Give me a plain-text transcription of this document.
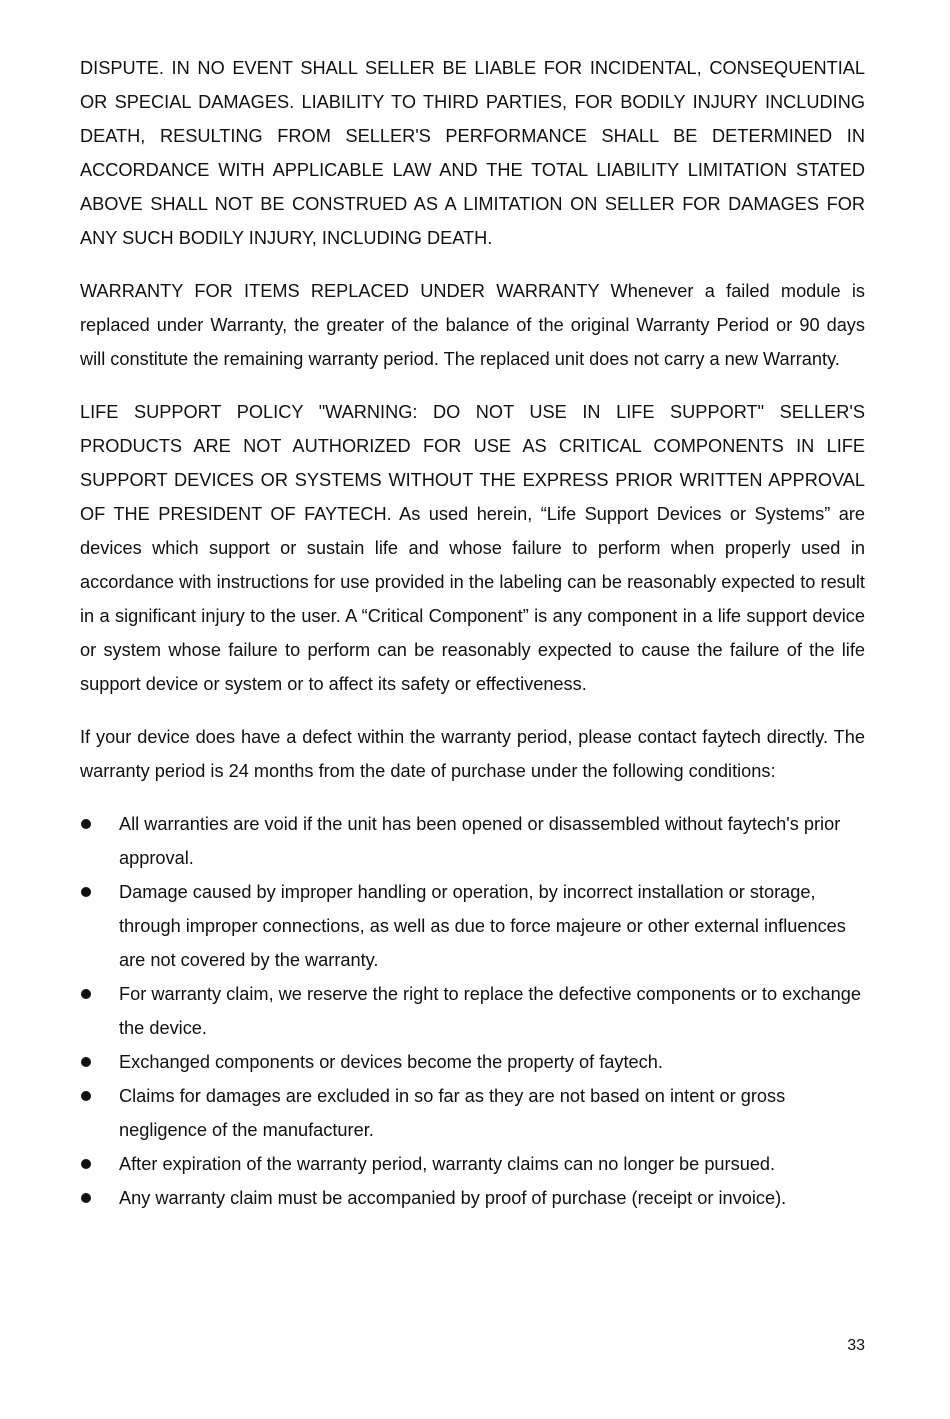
DISPUTE. IN NO EVENT SHALL SELLER BE LIABLE FOR INCIDENTAL, CONSEQUENTIAL OR SPECIAL DAMAGES. LIABILITY TO THIRD PARTIES, FOR BODILY INJURY INCLUDING DEATH, RESULTING FROM SELLER'S PERFORMANCE SHALL BE DETERMINED IN ACCORDANCE WITH APPLICABLE LAW AND THE TOTAL LIABILITY LIMITATION STATED ABOVE SHALL NOT BE CONSTRUED AS A LIMITATION ON SELLER FOR DAMAGES FOR ANY SUCH BODILY INJURY, INCLUDING DEATH.

WARRANTY FOR ITEMS REPLACED UNDER WARRANTY Whenever a failed module is replaced under Warranty, the greater of the balance of the original Warranty Period or 90 days will constitute the remaining warranty period. The replaced unit does not carry a new Warranty.

LIFE SUPPORT POLICY "WARNING: DO NOT USE IN LIFE SUPPORT" SELLER'S PRODUCTS ARE NOT AUTHORIZED FOR USE AS CRITICAL COMPONENTS IN LIFE SUPPORT DEVICES OR SYSTEMS WITHOUT THE EXPRESS PRIOR WRITTEN APPROVAL OF THE PRESIDENT OF FAYTECH. As used herein, “Life Support Devices or Systems” are devices which support or sustain life and whose failure to perform when properly used in accordance with instructions for use provided in the labeling can be reasonably expected to result in a significant injury to the user. A “Critical Component” is any component in a life support device or system whose failure to perform can be reasonably expected to cause the failure of the life support device or system or to affect its safety or effectiveness.

If your device does have a defect within the warranty period, please contact faytech directly. The warranty period is 24 months from the date of purchase under the following conditions:

All warranties are void if the unit has been opened or disassembled without faytech's prior approval.
Damage caused by improper handling or operation, by incorrect installation or storage, through improper connections, as well as due to force majeure or other external influences are not covered by the warranty.
For warranty claim, we reserve the right to replace the defective components or to exchange the device.
Exchanged components or devices become the property of faytech.
Claims for damages are excluded in so far as they are not based on intent or gross negligence of the manufacturer.
After expiration of the warranty period, warranty claims can no longer be pursued.
Any warranty claim must be accompanied by proof of purchase (receipt or invoice).
33
